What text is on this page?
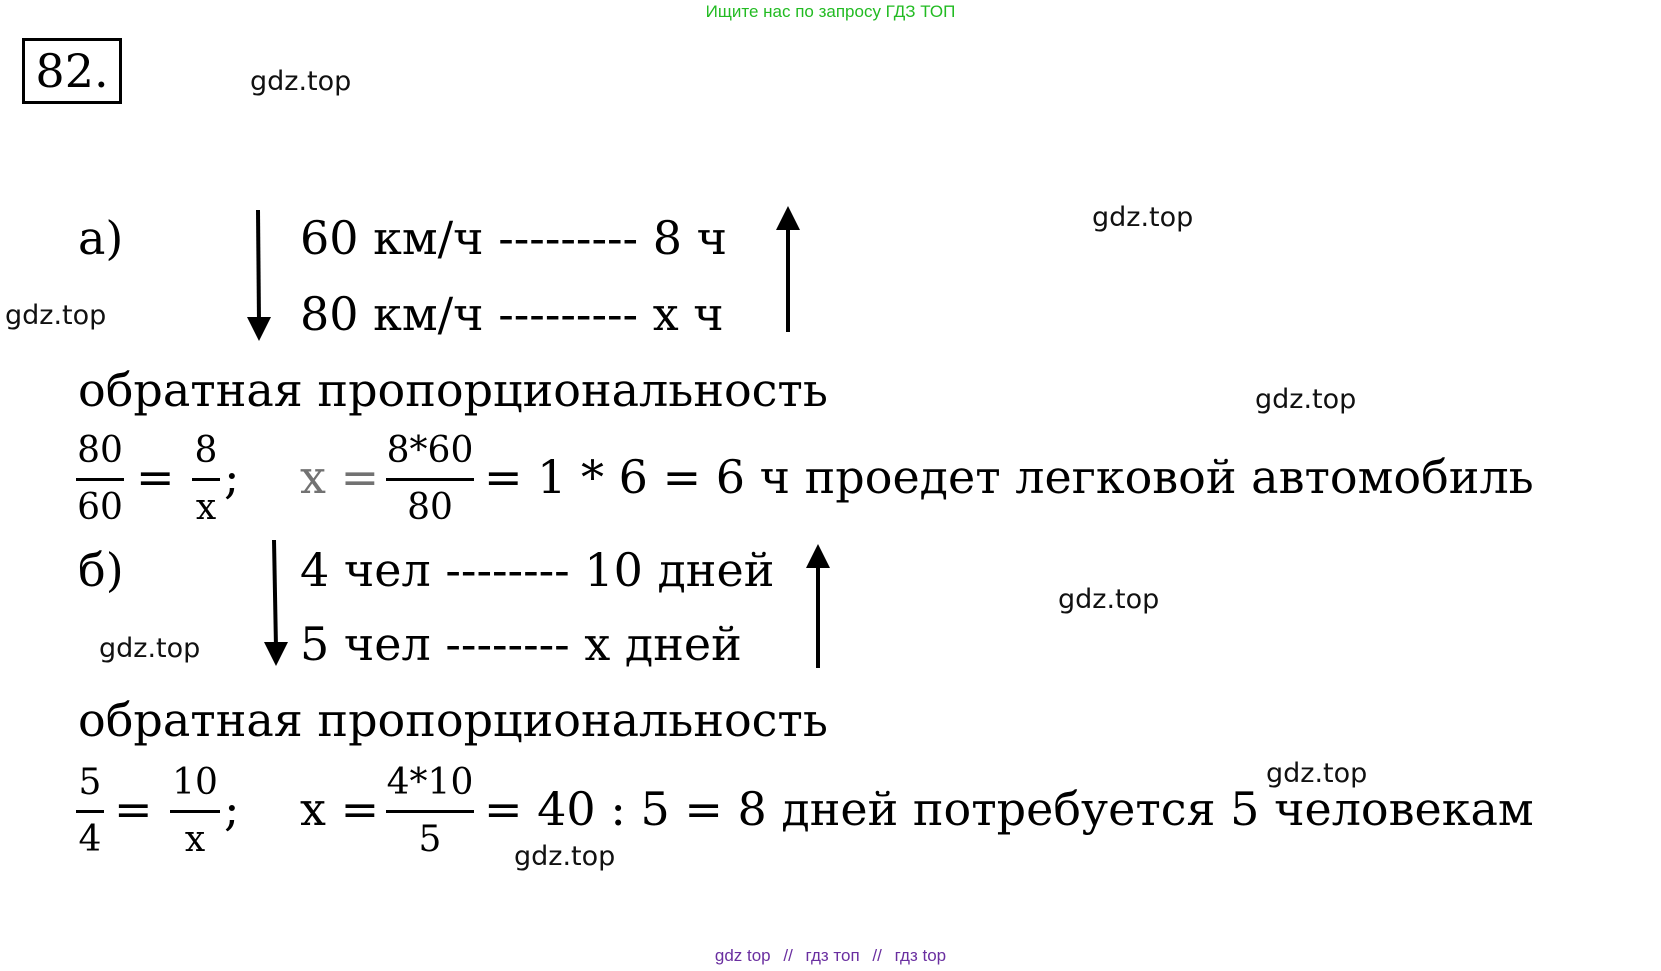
Ищите нас по запросу ГДЗ ТОП
82.	gdz.top
gdz.top
gdz.top
gdz.top
gdz.top
gdz.top
gdz.top
gdz.top
а)	60 км/ч --------- 8 ч
80 км/ч --------- х ч
обратная пропорциональность
80
60
= 8
x
; x = 8*60
80
= 1 * 6 = 6 ч проедет легковой автомобиль
б)	4 чел -------- 10 дней
5 чел -------- х дней
обратная пропорциональность
5
4
= 10
x
; x = 4*10
5
= 40 : 5 = 8 дней потребуется 5 человекам
gdz top // гдз топ // гдз top
